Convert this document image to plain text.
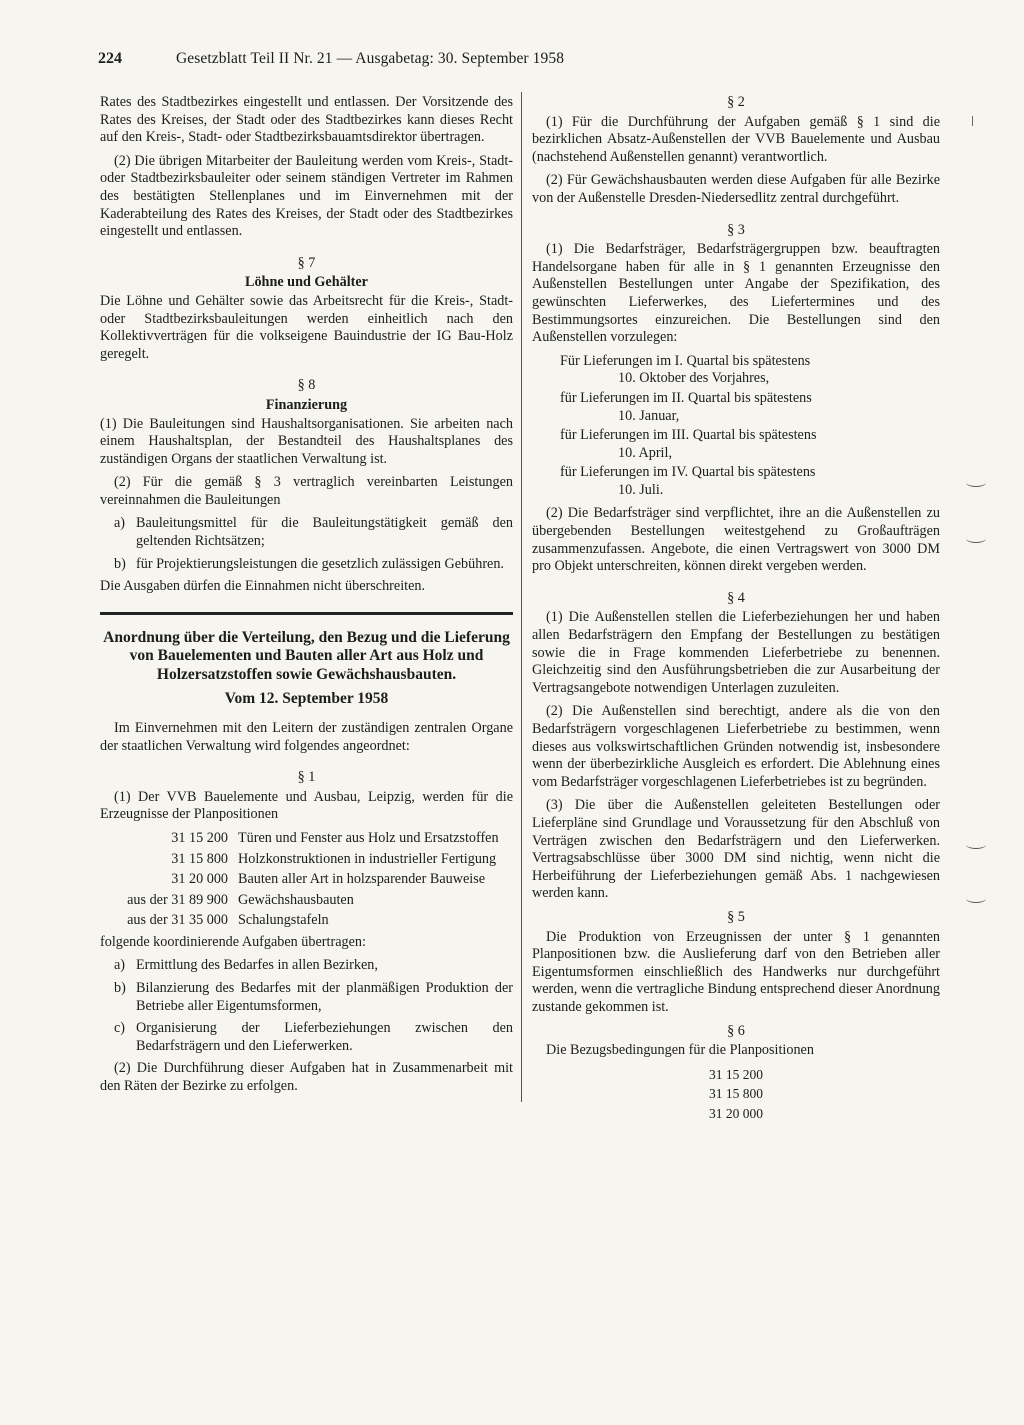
224	Gesetzblatt Teil II Nr. 21 — Ausgabetag: 30. September 1958

Rates des Stadtbezirkes eingestellt und entlassen. Der Vorsitzende des Rates des Kreises, der Stadt oder des Stadtbezirkes kann dieses Recht auf den Kreis-, Stadt- oder Stadtbezirksbauamtsdirektor übertragen.

(2) Die übrigen Mitarbeiter der Bauleitung werden vom Kreis-, Stadt- oder Stadtbezirksbauleiter oder seinem ständigen Vertreter im Rahmen des bestätigten Stellenplanes und im Einvernehmen mit der Kaderabteilung des Rates des Kreises, der Stadt oder des Stadtbezirkes eingestellt und entlassen.

§ 7
Löhne und Gehälter

Die Löhne und Gehälter sowie das Arbeitsrecht für die Kreis-, Stadt- oder Stadtbezirksbauleitungen werden einheitlich nach den Kollektivverträgen für die volkseigene Bauindustrie der IG Bau-Holz geregelt.

§ 8
Finanzierung

(1) Die Bauleitungen sind Haushaltsorganisationen. Sie arbeiten nach einem Haushaltsplan, der Bestandteil des Haushaltsplanes des zuständigen Organs der staatlichen Verwaltung ist.

(2) Für die gemäß § 3 vertraglich vereinbarten Leistungen vereinnahmen die Bauleitungen

a) Bauleitungsmittel für die Bauleitungstätigkeit gemäß den geltenden Richtsätzen;
b) für Projektierungsleistungen die gesetzlich zulässigen Gebühren.

Die Ausgaben dürfen die Einnahmen nicht überschreiten.

Anordnung über die Verteilung, den Bezug und die Lieferung von Bauelementen und Bauten aller Art aus Holz und Holzersatzstoffen sowie Gewächshausbauten.

Vom 12. September 1958

Im Einvernehmen mit den Leitern der zuständigen zentralen Organe der staatlichen Verwaltung wird folgendes angeordnet:

§ 1

(1) Der VVB Bauelemente und Ausbau, Leipzig, werden für die Erzeugnisse der Planpositionen

31 15 200 Türen und Fenster aus Holz und Ersatzstoffen
31 15 800 Holzkonstruktionen in industrieller Fertigung
31 20 000 Bauten aller Art in holzsparender Bauweise
aus der 31 89 900 Gewächshausbauten
aus der 31 35 000 Schalungstafeln

folgende koordinierende Aufgaben übertragen:

a) Ermittlung des Bedarfes in allen Bezirken,
b) Bilanzierung des Bedarfes mit der planmäßigen Produktion der Betriebe aller Eigentumsformen,
c) Organisierung der Lieferbeziehungen zwischen den Bedarfsträgern und den Lieferwerken.

(2) Die Durchführung dieser Aufgaben hat in Zusammenarbeit mit den Räten der Bezirke zu erfolgen.

§ 2

(1) Für die Durchführung der Aufgaben gemäß § 1 sind die bezirklichen Absatz-Außenstellen der VVB Bauelemente und Ausbau (nachstehend Außenstellen genannt) verantwortlich.

(2) Für Gewächshausbauten werden diese Aufgaben für alle Bezirke von der Außenstelle Dresden-Niedersedlitz zentral durchgeführt.

§ 3

(1) Die Bedarfsträger, Bedarfsträgergruppen bzw. beauftragten Handelsorgane haben für alle in § 1 genannten Erzeugnisse den Außenstellen Bestellungen unter Angabe der Spezifikation, des gewünschten Lieferwerkes, des Liefertermines und des Bestimmungsortes einzureichen. Die Bestellungen sind den Außenstellen vorzulegen:

Für Lieferungen im I. Quartal bis spätestens
10. Oktober des Vorjahres,
für Lieferungen im II. Quartal bis spätestens
10. Januar,
für Lieferungen im III. Quartal bis spätestens
10. April,
für Lieferungen im IV. Quartal bis spätestens
10. Juli.

(2) Die Bedarfsträger sind verpflichtet, ihre an die Außenstellen zu übergebenden Bestellungen weitestgehend zu Großaufträgen zusammenzufassen. Angebote, die einen Vertragswert von 3000 DM pro Objekt unterschreiten, können direkt vergeben werden.

§ 4

(1) Die Außenstellen stellen die Lieferbeziehungen her und haben allen Bedarfsträgern den Empfang der Bestellungen zu bestätigen sowie die in Frage kommenden Lieferbetriebe zu benennen. Gleichzeitig sind den Ausführungsbetrieben die zur Ausarbeitung der Vertragsangebote notwendigen Unterlagen zuzuleiten.

(2) Die Außenstellen sind berechtigt, andere als die von den Bedarfsträgern vorgeschlagenen Lieferbetriebe zu bestimmen, wenn dieses aus volkswirtschaftlichen Gründen notwendig ist, insbesondere wenn der überbezirkliche Ausgleich es erfordert. Die Ablehnung eines vom Bedarfsträger vorgeschlagenen Lieferbetriebes ist zu begründen.

(3) Die über die Außenstellen geleiteten Bestellungen oder Lieferpläne sind Grundlage und Voraussetzung für den Abschluß von Verträgen zwischen den Bedarfsträgern und den Lieferwerken. Vertragsabschlüsse über 3000 DM sind nichtig, wenn nicht die Herbeiführung der Lieferbeziehungen gemäß Abs. 1 nachgewiesen werden kann.

§ 5

Die Produktion von Erzeugnissen der unter § 1 genannten Planpositionen bzw. die Auslieferung darf von den Betrieben aller Eigentumsformen einschließlich des Handwerks nur durchgeführt werden, wenn die vertragliche Bindung entsprechend dieser Anordnung zustande gekommen ist.

§ 6

Die Bezugsbedingungen für die Planpositionen

31 15 200
31 15 800
31 20 000
